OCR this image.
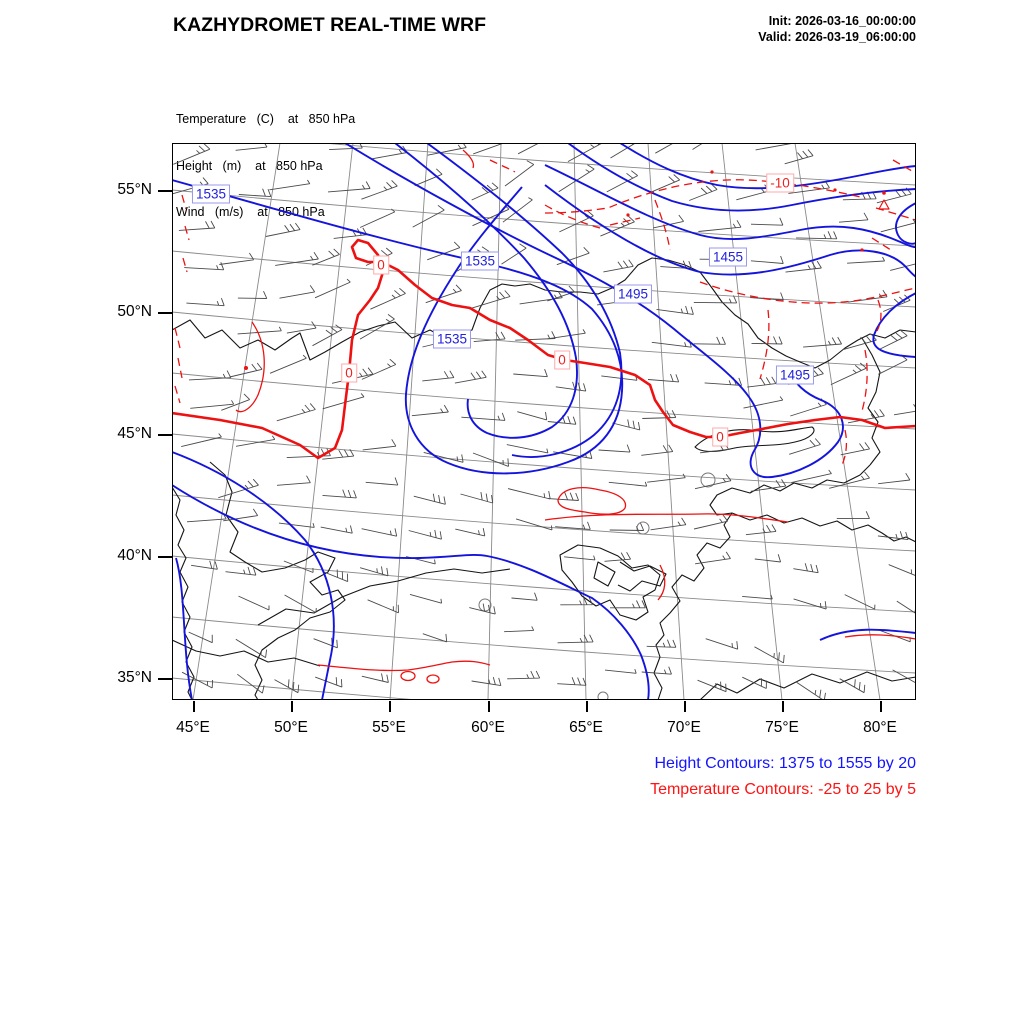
KAZHYDROMET REAL-TIME WRF	Init: 2026-03-16_00:00:00
Valid: 2026-03-19_06:00:00

Temperature   (C)    at   850 hPa

Height   (m)    at   850 hPa

Wind   (m/s)    at   850 hPa

1535
-10
1535	1455
1495
1535
0
0
0	1495
0
55°N
50°N
45°N
40°N
35°N
45°E	50°E	55°E	60°E	65°E	70°E	75°E	80°E
Height Contours: 1375 to 1555 by 20
Temperature Contours: -25 to 25 by 5
